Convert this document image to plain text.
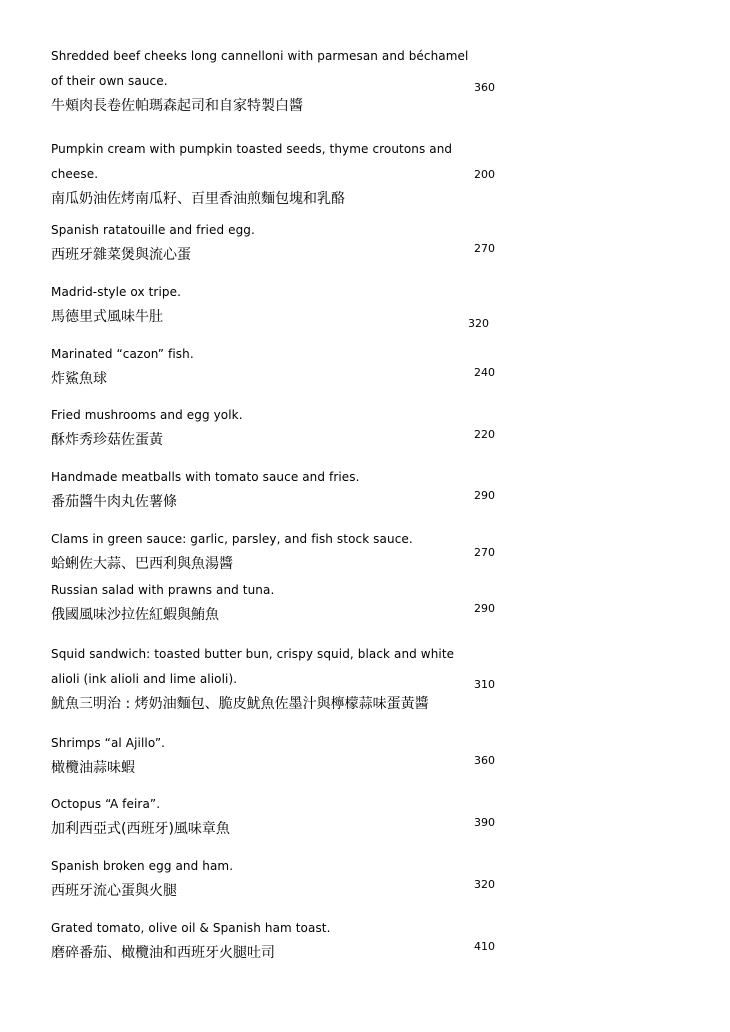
Shredded beef cheeks long cannelloni with parmesan and béchamel
of their own sauce.
牛頰肉長卷佐帕瑪森起司和自家特製白醬
360
Pumpkin cream with pumpkin toasted seeds, thyme croutons and
cheese.
南瓜奶油佐烤南瓜籽、百里香油煎麵包塊和乳酪
200
Spanish ratatouille and fried egg.
西班牙雜菜煲與流心蛋	270
Madrid-style ox tripe.
馬德里式風味牛肚	320
Marinated “cazon” fish.
炸鯊魚球	240
Fried mushrooms and egg yolk.
酥炸秀珍菇佐蛋黃	220
Handmade meatballs with tomato sauce and fries.
番茄醬牛肉丸佐薯條	290
Clams in green sauce: garlic, parsley, and fish stock sauce.
蛤蜊佐大蒜、巴西利與魚湯醬
270
Russian salad with prawns and tuna.
俄國風味沙拉佐紅蝦與鮪魚	290
Squid sandwich: toasted butter bun, crispy squid, black and white
alioli (ink alioli and lime alioli).
魷魚三明治 : 烤奶油麵包、脆皮魷魚佐墨汁與檸檬蒜味蛋黃醬
310
Shrimps “al Ajillo”.
橄欖油蒜味蝦	360
Octopus “A feira”.
加利西亞式(西班牙)風味章魚	390
Spanish broken egg and ham.
西班牙流心蛋與火腿	320
Grated tomato, olive oil & Spanish ham toast.
磨碎番茄、橄欖油和西班牙火腿吐司	410
